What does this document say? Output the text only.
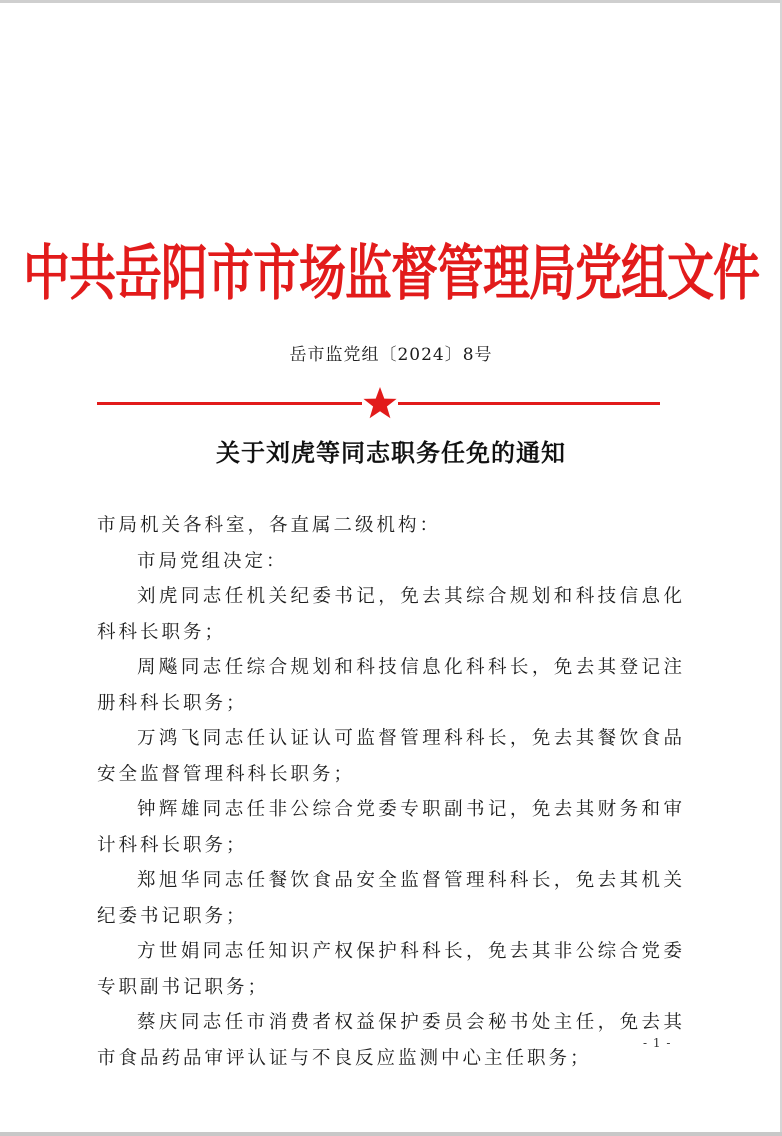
中共岳阳市市场监督管理局党组文件
岳市监党组〔2024〕8号
关于刘虎等同志职务任免的通知

市局机关各科室，各直属二级机构：

市局党组决定：

刘虎同志任机关纪委书记，免去其综合规划和科技信息化科科长职务；

周飚同志任综合规划和科技信息化科科长，免去其登记注册科科长职务；

万鸿飞同志任认证认可监督管理科科长，免去其餐饮食品安全监督管理科科长职务；

钟辉雄同志任非公综合党委专职副书记，免去其财务和审计科科长职务；

郑旭华同志任餐饮食品安全监督管理科科长，免去其机关纪委书记职务；

方世娟同志任知识产权保护科科长，免去其非公综合党委专职副书记职务；

蔡庆同志任市消费者权益保护委员会秘书处主任，免去其市食品药品审评认证与不良反应监测中心主任职务；

- 1 -
